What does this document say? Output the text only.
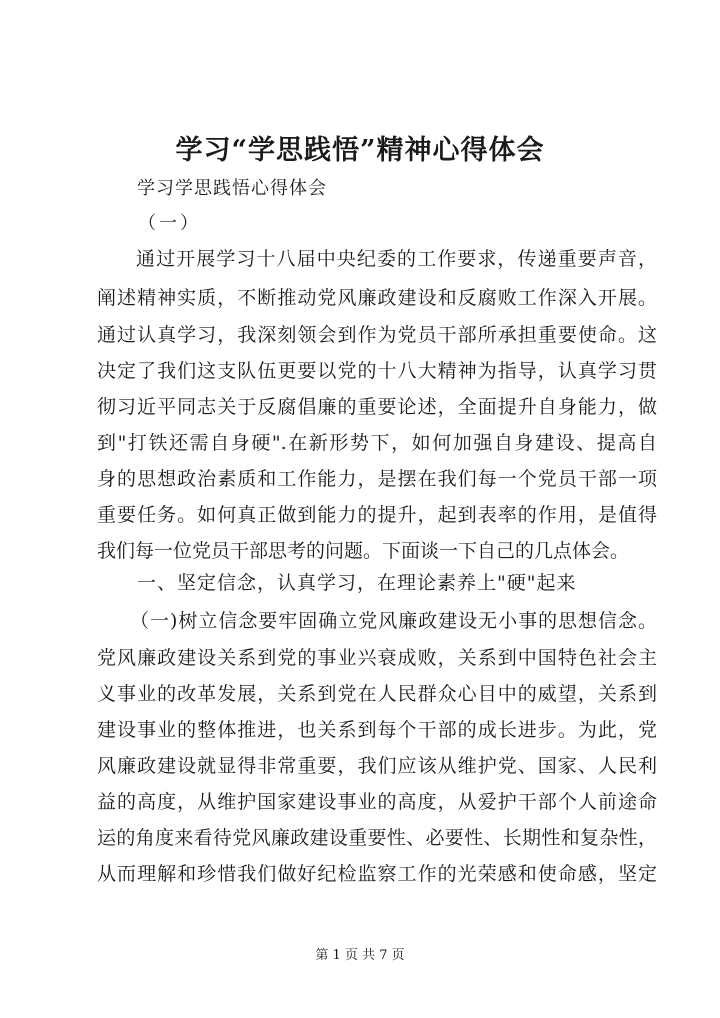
学习“学思践悟”精神心得体会
学习学思践悟心得体会
（一）
通过开展学习十八届中央纪委的工作要求，传递重要声音，
阐述精神实质，不断推动党风廉政建设和反腐败工作深入开展。
通过认真学习，我深刻领会到作为党员干部所承担重要使命。这
决定了我们这支队伍更要以党的十八大精神为指导，认真学习贯
彻习近平同志关于反腐倡廉的重要论述，全面提升自身能力，做
到"打铁还需自身硬".在新形势下，如何加强自身建设、提高自
身的思想政治素质和工作能力，是摆在我们每一个党员干部一项
重要任务。如何真正做到能力的提升，起到表率的作用，是值得
我们每一位党员干部思考的问题。下面谈一下自己的几点体会。
一、坚定信念，认真学习，在理论素养上"硬"起来
（一)树立信念要牢固确立党风廉政建设无小事的思想信念。
党风廉政建设关系到党的事业兴衰成败，关系到中国特色社会主
义事业的改革发展，关系到党在人民群众心目中的威望，关系到
建设事业的整体推进，也关系到每个干部的成长进步。为此，党
风廉政建设就显得非常重要，我们应该从维护党、国家、人民利
益的高度，从维护国家建设事业的高度，从爱护干部个人前途命
运的角度来看待党风廉政建设重要性、必要性、长期性和复杂性，
从而理解和珍惜我们做好纪检监察工作的光荣感和使命感，坚定
第 1 页 共 7 页
